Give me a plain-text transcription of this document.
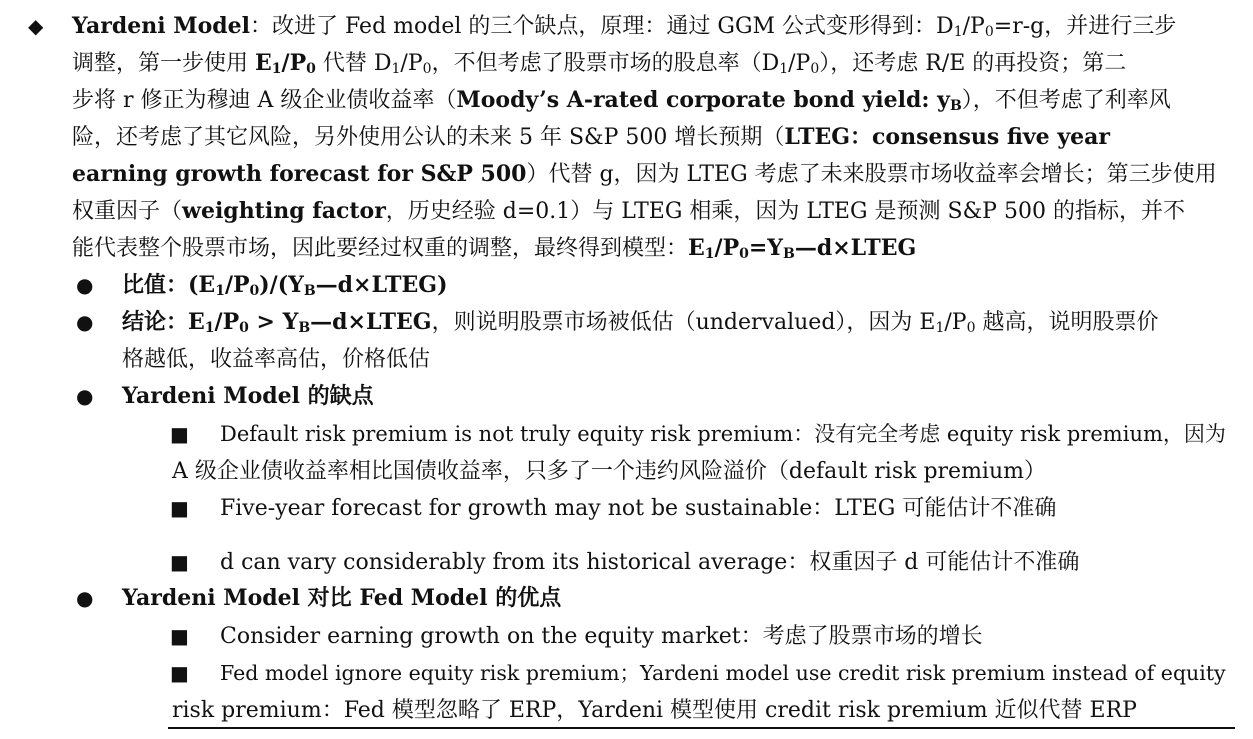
◆ Yardeni Model：改进了 Fed model 的三个缺点，原理：通过 GGM 公式变形得到：$D_1/P_0=r-g$，并进行三步
调整，第一步使用 $E_1/P_0$ 代替 $D_1/P_0$，不但考虑了股票市场的股息率$(D_1/P_0)$，还考虑 R/E 的再投资；第二
步将 r 修正为穆迪 A 级企业债收益率（Moody’s A-rated corporate bond yield: $y_B$），不但考虑了利率风
险，还考虑了其它风险，另外使用公认的未来 5 年 S&P 500 增长预期（LTEG：consensus five year
earning growth forecast for S&P 500）代替 g，因为 LTEG 考虑了未来股票市场收益率会增长；第三步使用
权重因子（weighting factor，历史经验 d=0.1）与 LTEG 相乘，因为 LTEG 是预测 S&P 500 的指标，并不
能代表整个股票市场，因此要经过权重的调整，最终得到模型：$E_1/P_0=Y_B—d\times LTEG$
● 比值：$(E_1/P_0)/(Y_B—d\times LTEG)$
● 结论：$E_1/P_0$ > $Y_B—d\times LTEG$，则说明股票市场被低估（undervalued），因为 $E_1/P_0$ 越高，说明股票价
格越低，收益率高估，价格低估
● Yardeni Model 的缺点
■ Default risk premium is not truly equity risk premium：没有完全考虑 equity risk premium，因为
A 级企业债收益率相比国债收益率，只多了一个违约风险溢价（default risk premium）
■ Five-year forecast for growth may not be sustainable：LTEG 可能估计不准确
■ d can vary considerably from its historical average：权重因子 d 可能估计不准确
● Yardeni Model 对比 Fed Model 的优点
■ Consider earning growth on the equity market：考虑了股票市场的增长
■ Fed model ignore equity risk premium；Yardeni model use credit risk premium instead of equity
risk premium：Fed 模型忽略了 ERP，Yardeni 模型使用 credit risk premium 近似代替 ERP
